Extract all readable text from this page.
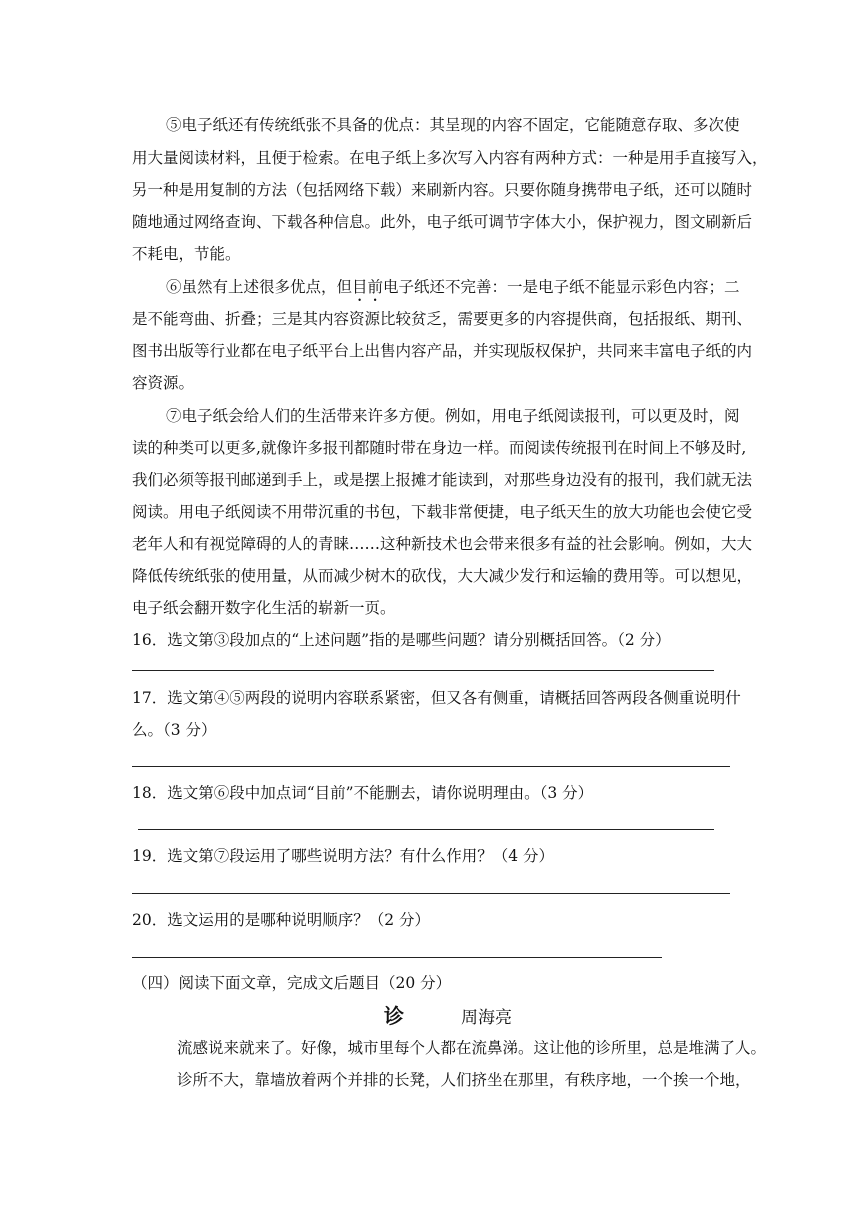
⑤电子纸还有传统纸张不具备的优点：其呈现的内容不固定，它能随意存取、多次使
用大量阅读材料，且便于检索。在电子纸上多次写入内容有两种方式：一种是用手直接写入，
另一种是用复制的方法（包括网络下载）来刷新内容。只要你随身携带电子纸，还可以随时
随地通过网络查询、下载各种信息。此外，电子纸可调节字体大小，保护视力，图文刷新后
不耗电，节能。
⑥虽然有上述很多优点，但目前电子纸还不完善：一是电子纸不能显示彩色内容；二
是不能弯曲、折叠；三是其内容资源比较贫乏，需要更多的内容提供商，包括报纸、期刊、
图书出版等行业都在电子纸平台上出售内容产品，并实现版权保护，共同来丰富电子纸的内
容资源。
⑦电子纸会给人们的生活带来许多方便。例如，用电子纸阅读报刊，可以更及时，阅
读的种类可以更多,就像许多报刊都随时带在身边一样。而阅读传统报刊在时间上不够及时,
我们必须等报刊邮递到手上，或是摆上报摊才能读到，对那些身边没有的报刊，我们就无法
阅读。用电子纸阅读不用带沉重的书包，下载非常便捷，电子纸天生的放大功能也会使它受
老年人和有视觉障碍的人的青睐……这种新技术也会带来很多有益的社会影响。例如，大大
降低传统纸张的使用量，从而减少树木的砍伐，大大减少发行和运输的费用等。可以想见，
电子纸会翻开数字化生活的崭新一页。
16．选文第③段加点的“上述问题”指的是哪些问题？请分别概括回答。（2 分）
17．选文第④⑤两段的说明内容联系紧密，但又各有侧重，请概括回答两段各侧重说明什
么。（3 分）
18．选文第⑥段中加点词“目前”不能删去，请你说明理由。（3 分）
19．选文第⑦段运用了哪些说明方法？有什么作用？（4 分）
20．选文运用的是哪种说明顺序？（2 分）
（四）阅读下面文章，完成文后题目（20 分）
诊	周海亮
流感说来就来了。好像，城市里每个人都在流鼻涕。这让他的诊所里，总是堆满了人。
诊所不大，靠墙放着两个并排的长凳，人们挤坐在那里，有秩序地，一个挨一个地，
